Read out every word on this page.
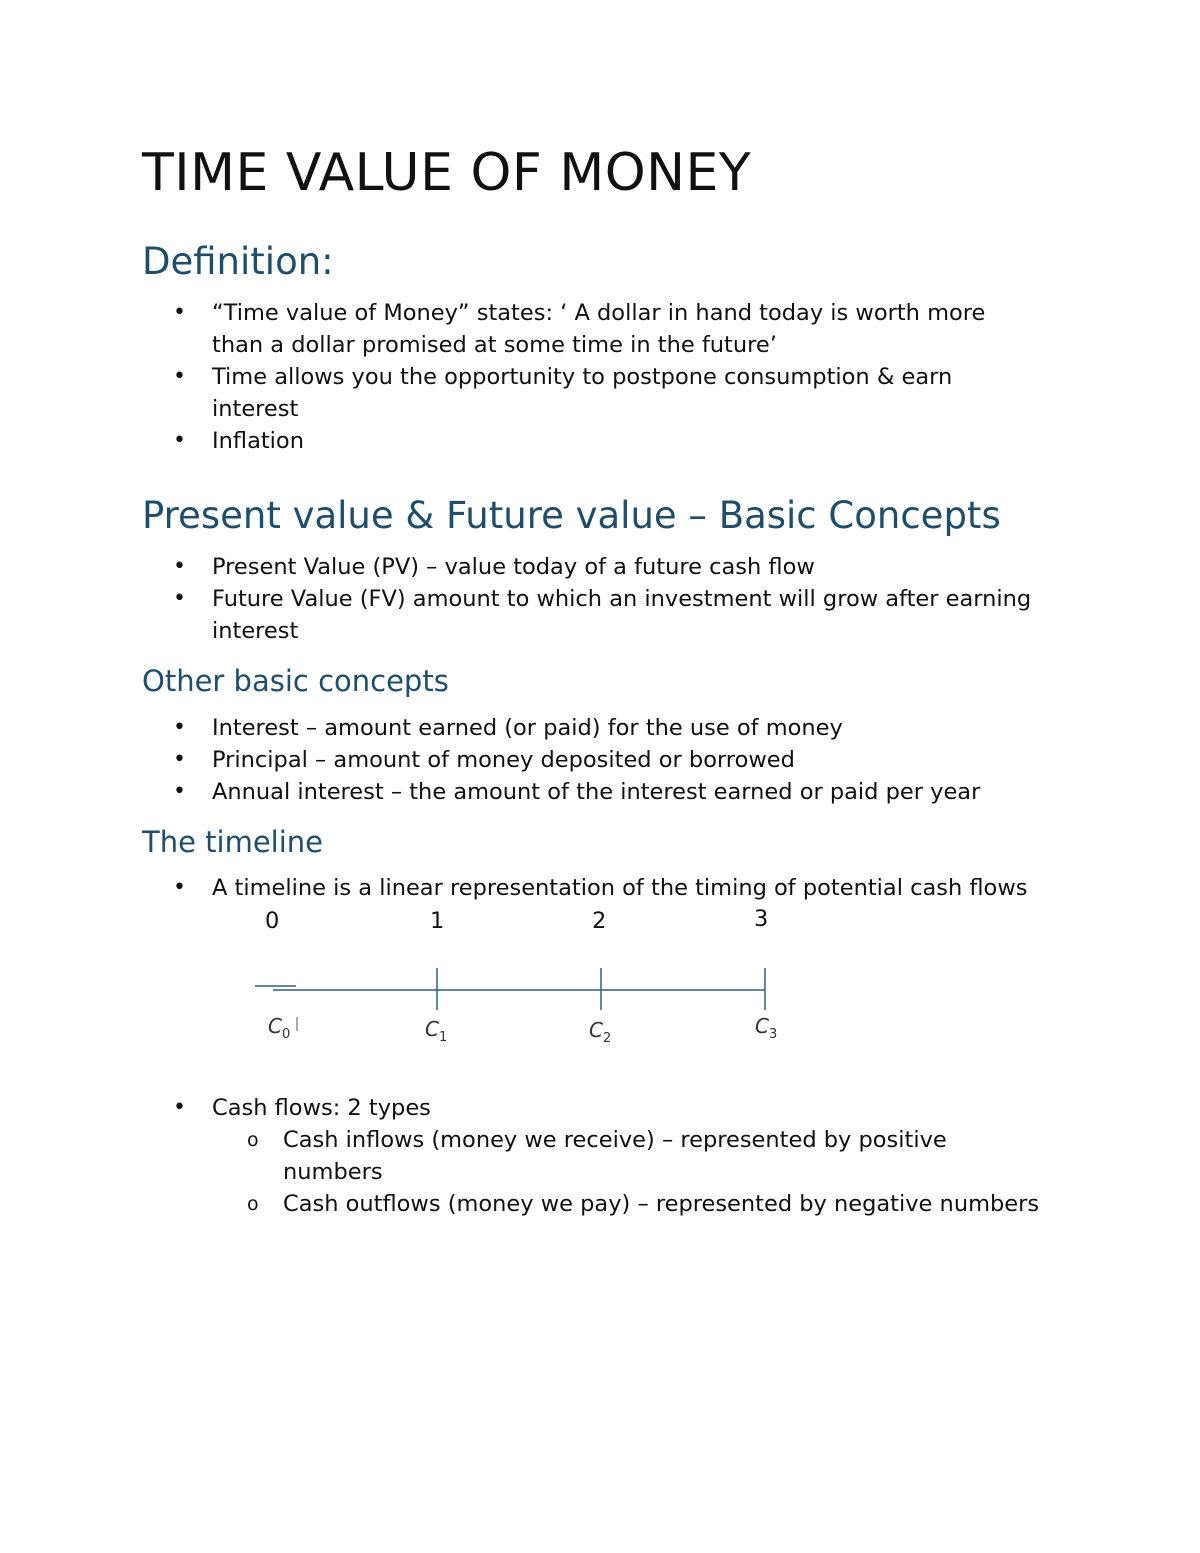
TIME VALUE OF MONEY
Definition:
• “Time value of Money” states: ‘ A dollar in hand today is worth more than a dollar promised at some time in the future’
• Time allows you the opportunity to postpone consumption & earn interest
• Inflation
Present value & Future value – Basic Concepts
• Present Value (PV) – value today of a future cash flow
• Future Value (FV) amount to which an investment will grow after earning interest
Other basic concepts
• Interest – amount earned (or paid) for the use of money
• Principal – amount of money deposited or borrowed
• Annual interest – the amount of the interest earned or paid per year
The timeline
• A timeline is a linear representation of the timing of potential cash flows
• Cash flows: 2 types
o Cash inflows (money we receive) – represented by positive numbers
o Cash outflows (money we pay) – represented by negative numbers
0	1	2	3
$C_0$	$C_1$	$C_2$
$C_3$
